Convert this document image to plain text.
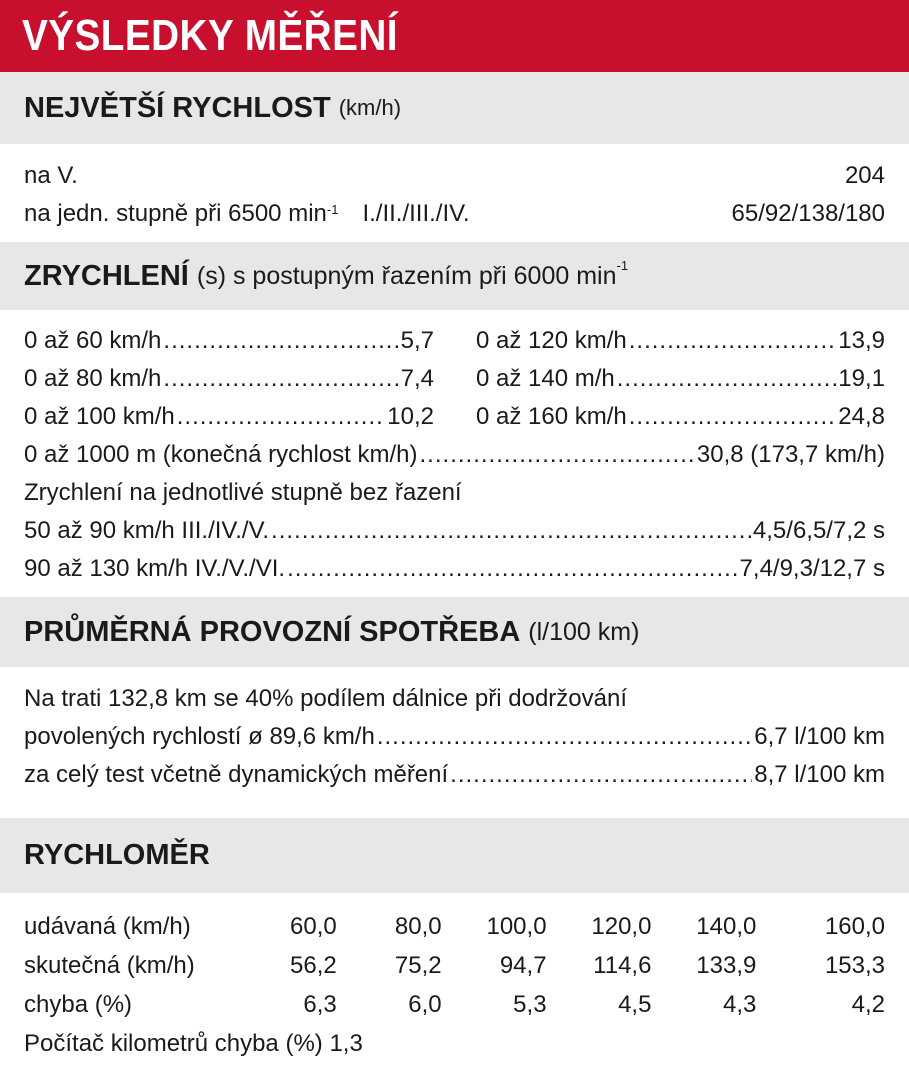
VÝSLEDKY MĚŘENÍ
NEJVĚTŠÍ RYCHLOST (km/h)
na V.	204
na jedn. stupně při 6500 $\min^{-1} I./II./III./IV$.	65/92/138/180
ZRYCHLENÍ (s) s postupným řazením při 6000 $\min^{-1}$
0 až 60 km/h .....	5,7 0 až 120 km/h .....	13,9
0 až 80 km/h .....	7,4 0 až 140 m/h .....	19,1
0 až 100 km/h .....	10,2 0 až 160 km/h .....	24,8
0 až 1000 m (konečná rychlost km/h) .....	30,8 (173,7 km/h)
Zrychlení na jednotlivé stupně bez řazení
50 až 90 km/h III./IV./V. .....	4,5/6,5/7,2 s
90 až 130 km/h IV./V./VI. .....	7,4/9,3/12,7 s
PRŮMĚRNÁ PROVOZNÍ SPOTŘEBA (l/100 km)
Na trati 132,8 km se 40% podílem dálnice při dodržování
povolených rychlostí ø 89,6 km/h .....	6,7 l/100 km
za celý test včetně dynamických měření .....	8,7 l/100 km
RYCHLOMĚR
udávaná (km/h)	60,0	80,0	100,0	120,0	140,0	160,0
skutečná (km/h)	56,2	75,2	94,7	114,6	133,9	153,3
chyba (%)	6,3	6,0	5,3	4,5	4,3	4,2
Počítač kilometrů chyba (%) 1,3
